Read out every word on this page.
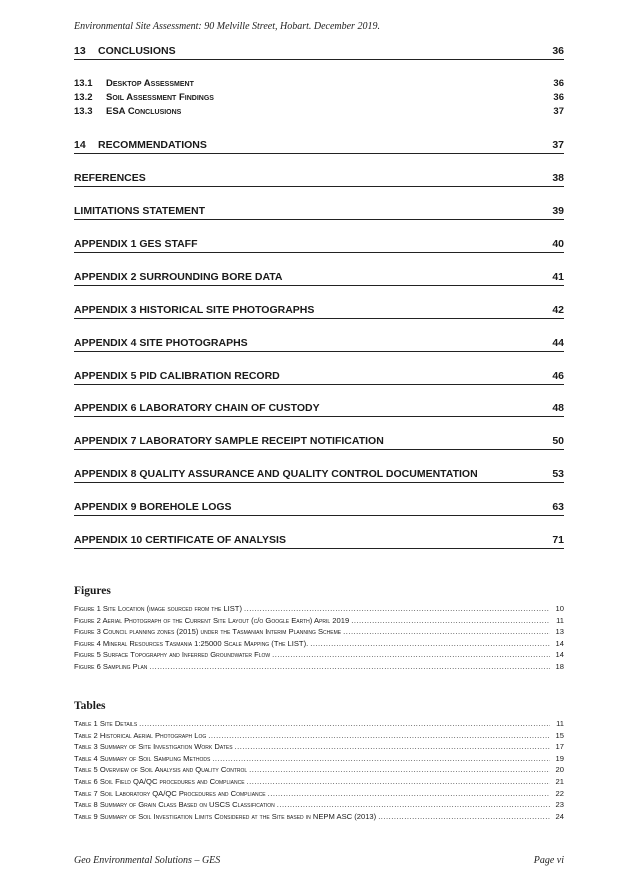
Environmental Site Assessment: 90 Melville Street, Hobart. December 2019.
13 CONCLUSIONS	36
13.1 Desktop Assessment	36
13.2 Soil Assessment Findings	36
13.3 ESA Conclusions	37
14 RECOMMENDATIONS	37
REFERENCES	38
LIMITATIONS STATEMENT	39
APPENDIX 1 GES STAFF	40
APPENDIX 2 SURROUNDING BORE DATA	41
APPENDIX 3 HISTORICAL SITE PHOTOGRAPHS	42
APPENDIX 4 SITE PHOTOGRAPHS	44
APPENDIX 5 PID CALIBRATION RECORD	46
APPENDIX 6 LABORATORY CHAIN OF CUSTODY	48
APPENDIX 7 LABORATORY SAMPLE RECEIPT NOTIFICATION	50
APPENDIX 8 QUALITY ASSURANCE AND QUALITY CONTROL DOCUMENTATION	53
APPENDIX 9 BOREHOLE LOGS	63
APPENDIX 10 CERTIFICATE OF ANALYSIS	71
Figures
Figure 1 Site Location (image sourced from the LIST) .....	10
Figure 2 Aerial Photograph of the Current Site Layout (c/o Google Earth) April 2019 .....	11
Figure 3 Council planning zones (2015) under the Tasmanian Interim Planning Scheme .....	13
Figure 4 Mineral Resources Tasmania 1:25000 Scale Mapping (The LIST). .....	14
Figure 5 Surface Topography and Inferred Groundwater Flow .....	14
Figure 6 Sampling Plan .....	18
Tables
Table 1 Site Details .....	11
Table 2 Historical Aerial Photograph Log .....	15
Table 3 Summary of Site Investigation Work Dates .....	17
Table 4 Summary of Soil Sampling Methods .....	19
Table 5 Overview of Soil Analysis and Quality Control .....	20
Table 6 Soil Field QA/QC procedures and Compliance .....	21
Table 7 Soil Laboratory QA/QC Procedures and Compliance .....	22
Table 8 Summary of Grain Class Based on USCS Classification .....	23
Table 9 Summary of Soil Investigation Limits Considered at the Site based in NEPM ASC (2013) .....	24
Geo Environmental Solutions – GES	Page vi
